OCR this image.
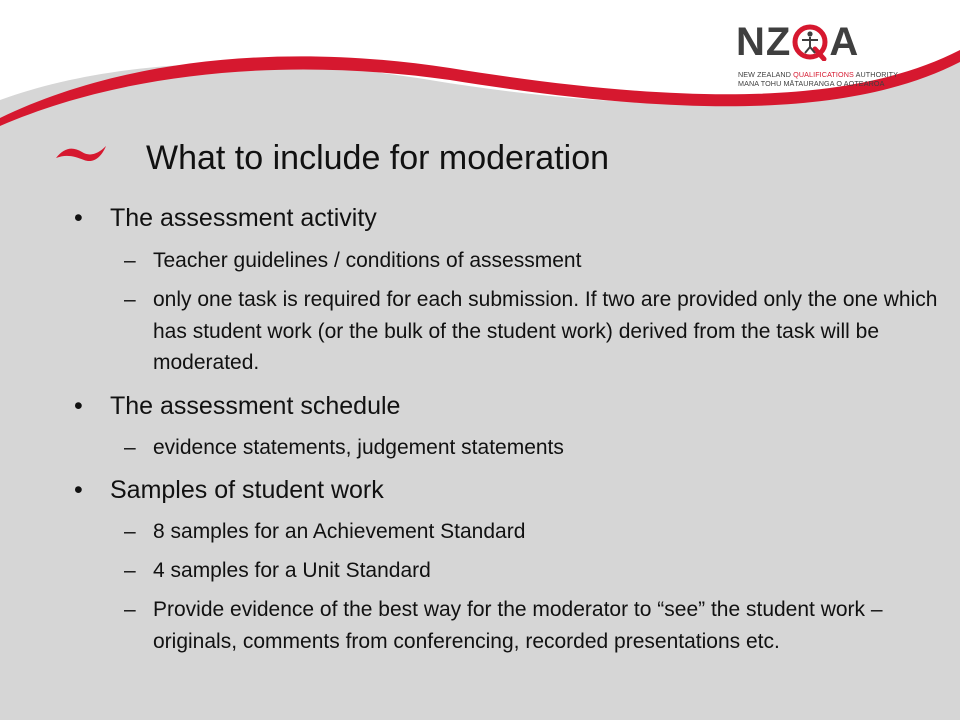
NZ A
NEW ZEALAND QUALIFICATIONS AUTHORITY
MANA TOHU MĀTAURANGA O AOTEAROA
What to include for moderation
• The assessment activity
– Teacher guidelines / conditions of assessment
– only one task is required for each submission. If two are provided only the one which has student work (or the bulk of the student work) derived from the task will be moderated.
• The assessment schedule
– evidence statements, judgement statements
• Samples of student work
– 8 samples for an Achievement Standard
– 4 samples for a Unit Standard
– Provide evidence of the best way for the moderator to “see” the student work – originals, comments from conferencing, recorded presentations etc.
